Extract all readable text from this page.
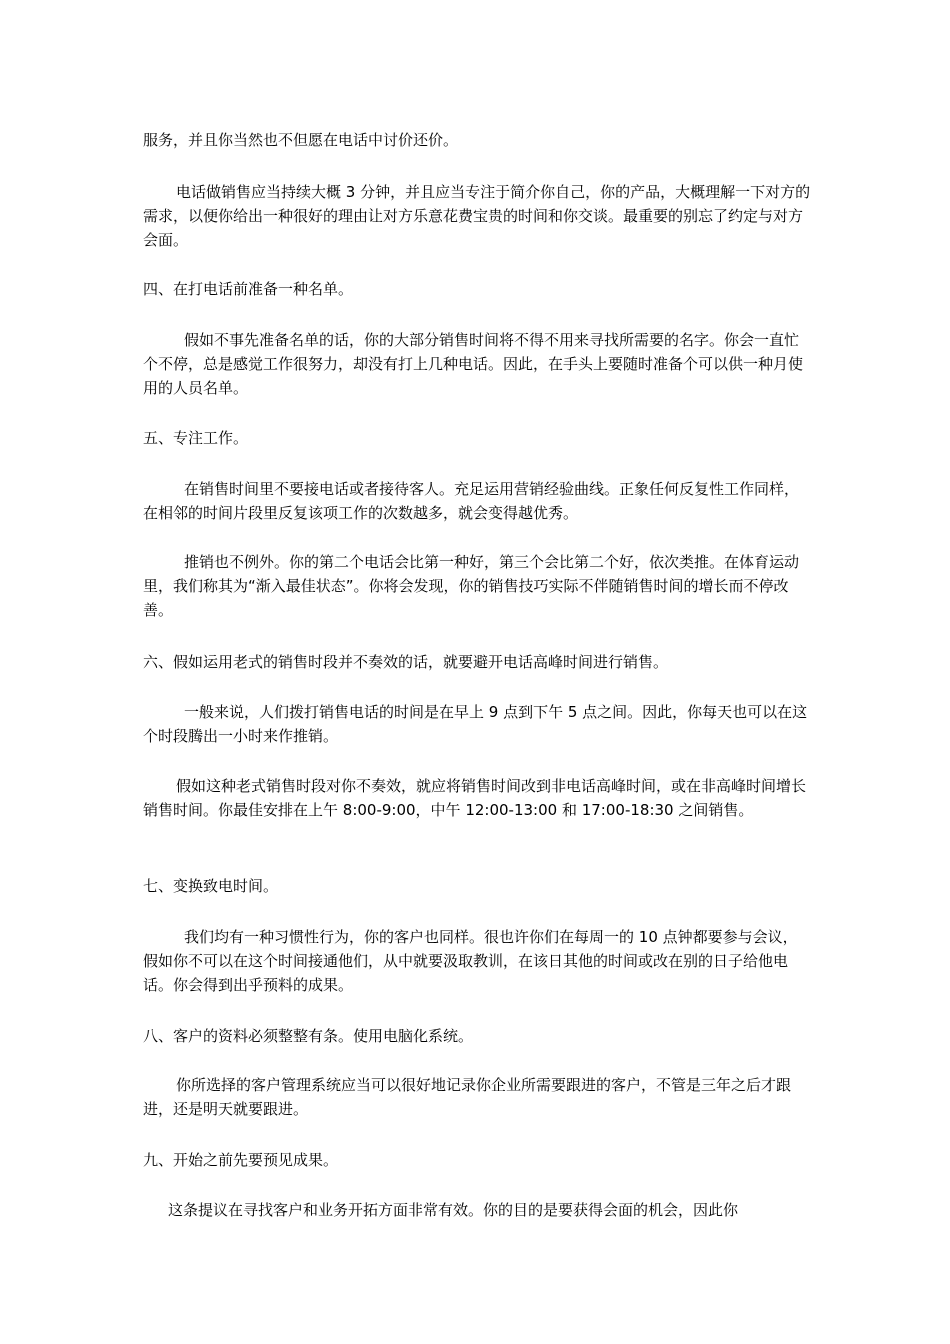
服务，并且你当然也不但愿在电话中讨价还价。

电话做销售应当持续大概 3 分钟，并且应当专注于简介你自己，你的产品，大概理解一下对方的需求，以便你给出一种很好的理由让对方乐意花费宝贵的时间和你交谈。最重要的别忘了约定与对方会面。

四、在打电话前准备一种名单。

假如不事先准备名单的话，你的大部分销售时间将不得不用来寻找所需要的名字。你会一直忙个不停，总是感觉工作很努力，却没有打上几种电话。因此，在手头上要随时准备个可以供一种月使用的人员名单。

五、专注工作。

在销售时间里不要接电话或者接待客人。充足运用营销经验曲线。正象任何反复性工作同样，在相邻的时间片段里反复该项工作的次数越多，就会变得越优秀。

推销也不例外。你的第二个电话会比第一种好，第三个会比第二个好，依次类推。在体育运动里，我们称其为“渐入最佳状态”。你将会发现，你的销售技巧实际不伴随销售时间的增长而不停改善。

六、假如运用老式的销售时段并不奏效的话，就要避开电话高峰时间进行销售。

一般来说，人们拨打销售电话的时间是在早上 9 点到下午 5 点之间。因此，你每天也可以在这个时段腾出一小时来作推销。

假如这种老式销售时段对你不奏效，就应将销售时间改到非电话高峰时间，或在非高峰时间增长销售时间。你最佳安排在上午 8:00-9:00，中午 12:00-13:00 和 17:00-18:30 之间销售。

七、变换致电时间。

我们均有一种习惯性行为，你的客户也同样。很也许你们在每周一的 10 点钟都要参与会议，假如你不可以在这个时间接通他们，从中就要汲取教训，在该日其他的时间或改在别的日子给他电话。你会得到出乎预料的成果。

八、客户的资料必须整整有条。使用电脑化系统。

你所选择的客户管理系统应当可以很好地记录你企业所需要跟进的客户，不管是三年之后才跟进，还是明天就要跟进。

九、开始之前先要预见成果。

这条提议在寻找客户和业务开拓方面非常有效。你的目的是要获得会面的机会，因此你
